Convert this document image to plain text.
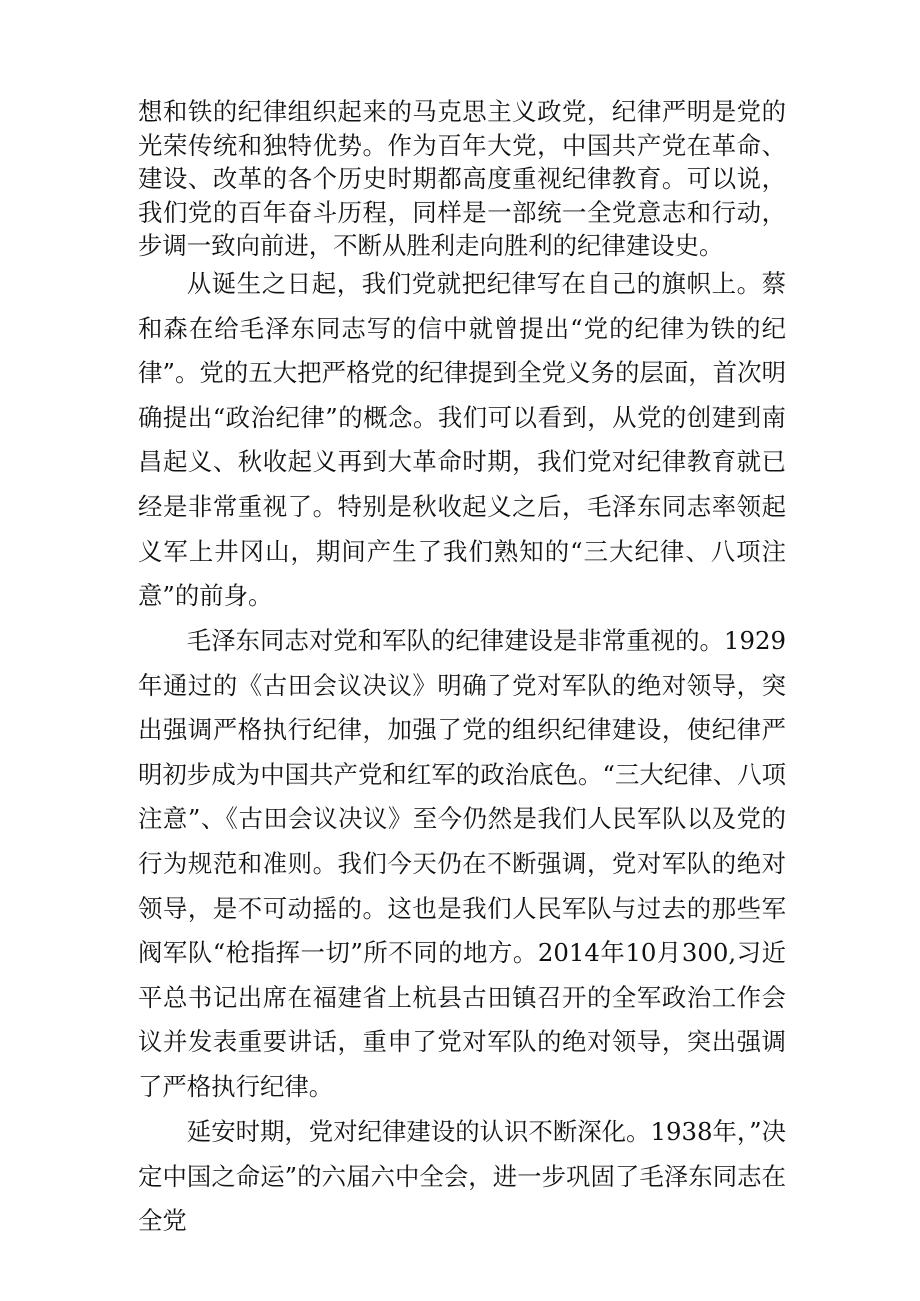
想和铁的纪律组织起来的马克思主义政党，纪律严明是党的光荣传统和独特优势。作为百年大党，中国共产党在革命、建设、改革的各个历史时期都高度重视纪律教育。可以说，我们党的百年奋斗历程，同样是一部统一全党意志和行动，步调一致向前进，不断从胜利走向胜利的纪律建设史。

从诞生之日起，我们党就把纪律写在自己的旗帜上。蔡和森在给毛泽东同志写的信中就曾提出“党的纪律为铁的纪律”。党的五大把严格党的纪律提到全党义务的层面，首次明确提出“政治纪律”的概念。我们可以看到，从党的创建到南昌起义、秋收起义再到大革命时期，我们党对纪律教育就已经是非常重视了。特别是秋收起义之后，毛泽东同志率领起义军上井冈山，期间产生了我们熟知的“三大纪律、八项注意”的前身。

毛泽东同志对党和军队的纪律建设是非常重视的。1929年通过的《古田会议决议》明确了党对军队的绝对领导，突出强调严格执行纪律，加强了党的组织纪律建设，使纪律严明初步成为中国共产党和红军的政治底色。“三大纪律、八项注意”、《古田会议决议》至今仍然是我们人民军队以及党的行为规范和准则。我们今天仍在不断强调，党对军队的绝对领导，是不可动摇的。这也是我们人民军队与过去的那些军阀军队“枪指挥一切”所不同的地方。2014年10月300,习近平总书记出席在福建省上杭县古田镇召开的全军政治工作会议并发表重要讲话，重申了党对军队的绝对领导，突出强调了严格执行纪律。

延安时期，党对纪律建设的认识不断深化。1938年，”决定中国之命运”的六届六中全会，进一步巩固了毛泽东同志在全党
